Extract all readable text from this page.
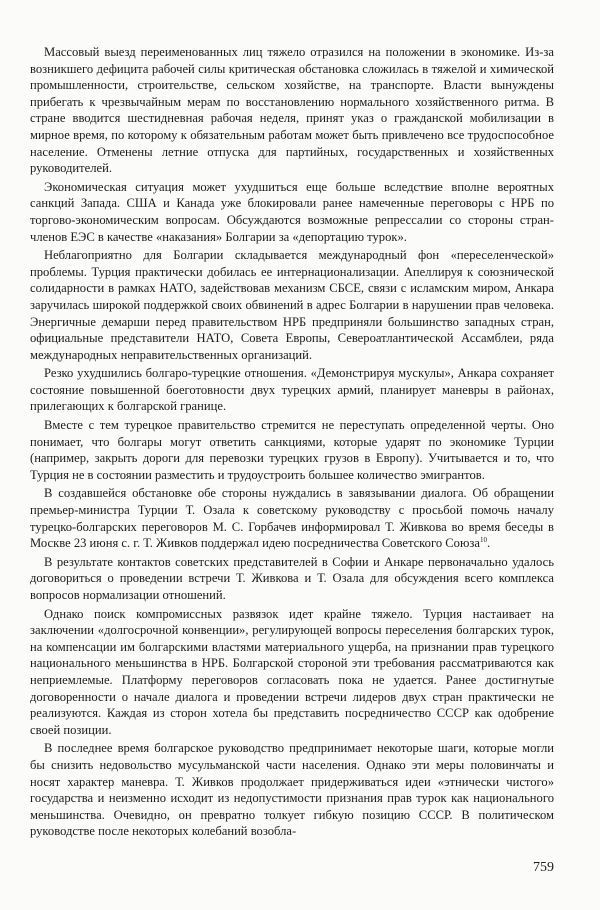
Массовый выезд переименованных лиц тяжело отразился на положении в экономике. Из-за возникшего дефицита рабочей силы критическая обстановка сложилась в тяжелой и химической промышленности, строительстве, сельском хозяйстве, на транспорте. Власти вынуждены прибегать к чрезвычайным мерам по восстановлению нормального хозяйственного ритма. В стране вводится шестидневная рабочая неделя, принят указ о гражданской мобилизации в мирное время, по которому к обязательным работам может быть привлечено все трудоспособное население. Отменены летние отпуска для партийных, государственных и хозяйственных руководителей.

Экономическая ситуация может ухудшиться еще больше вследствие вполне вероятных санкций Запада. США и Канада уже блокировали ранее намеченные переговоры с НРБ по торгово-экономическим вопросам. Обсуждаются возможные репрессалии со стороны стран-членов ЕЭС в качестве «наказания» Болгарии за «депортацию турок».

Неблагоприятно для Болгарии складывается международный фон «переселенческой» проблемы. Турция практически добилась ее интернационализации. Апеллируя к союзнической солидарности в рамках НАТО, задействовав механизм СБСЕ, связи с исламским миром, Анкара заручилась широкой поддержкой своих обвинений в адрес Болгарии в нарушении прав человека. Энергичные демарши перед правительством НРБ предприняли большинство западных стран, официальные представители НАТО, Совета Европы, Североатлантической Ассамблеи, ряда международных неправительственных организаций.

Резко ухудшились болгаро-турецкие отношения. «Демонстрируя мускулы», Анкара сохраняет состояние повышенной боеготовности двух турецких армий, планирует маневры в районах, прилегающих к болгарской границе.

Вместе с тем турецкое правительство стремится не переступать определенной черты. Оно понимает, что болгары могут ответить санкциями, которые ударят по экономике Турции (например, закрыть дороги для перевозки турецких грузов в Европу). Учитывается и то, что Турция не в состоянии разместить и трудоустроить большее количество эмигрантов.

В создавшейся обстановке обе стороны нуждались в завязывании диалога. Об обращении премьер-министра Турции Т. Озала к советскому руководству с просьбой помочь началу турецко-болгарских переговоров М. С. Горбачев информировал Т. Живкова во время беседы в Москве 23 июня с. г. Т. Живков поддержал идею посредничества Советского Союза$^{10}$.

В результате контактов советских представителей в Софии и Анкаре первоначально удалось договориться о проведении встречи Т. Живкова и Т. Озала для обсуждения всего комплекса вопросов нормализации отношений.

Однако поиск компромиссных развязок идет крайне тяжело. Турция настаивает на заключении «долгосрочной конвенции», регулирующей вопросы переселения болгарских турок, на компенсации им болгарскими властями материального ущерба, на признании прав турецкого национального меньшинства в НРБ. Болгарской стороной эти требования рассматриваются как неприемлемые. Платформу переговоров согласовать пока не удается. Ранее достигнутые договоренности о начале диалога и проведении встречи лидеров двух стран практически не реализуются. Каждая из сторон хотела бы представить посредничество СССР как одобрение своей позиции.

В последнее время болгарское руководство предпринимает некоторые шаги, которые могли бы снизить недовольство мусульманской части населения. Однако эти меры половинчаты и носят характер маневра. Т. Живков продолжает придерживаться идеи «этнически чистого» государства и неизменно исходит из недопустимости признания прав турок как национального меньшинства. Очевидно, он превратно толкует гибкую позицию СССР. В политическом руководстве после некоторых колебаний возобла-

759
